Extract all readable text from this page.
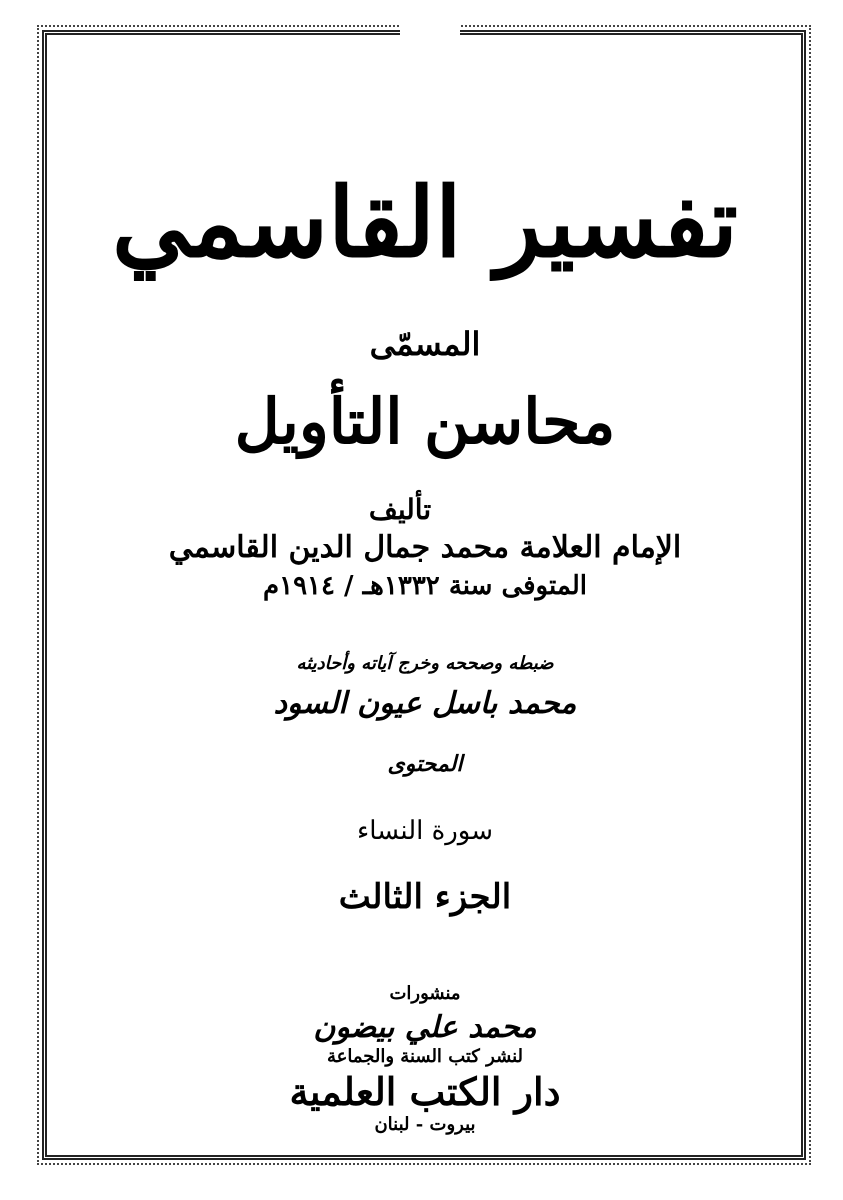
تفسير القاسمي
المسمّى
محاسن التأويل
تأليف
الإمام العلامة محمد جمال الدين القاسمي
المتوفى سنة ١٣٣٢هـ / ١٩١٤م
ضبطه وصححه وخرج آياته وأحاديثه
محمد باسل عيون السود
المحتوى
سورة النساء
الجزء الثالث
منشورات
محمد علي بيضون
لنشر كتب السنة والجماعة
دار الكتب العلمية
بيروت - لبنان
